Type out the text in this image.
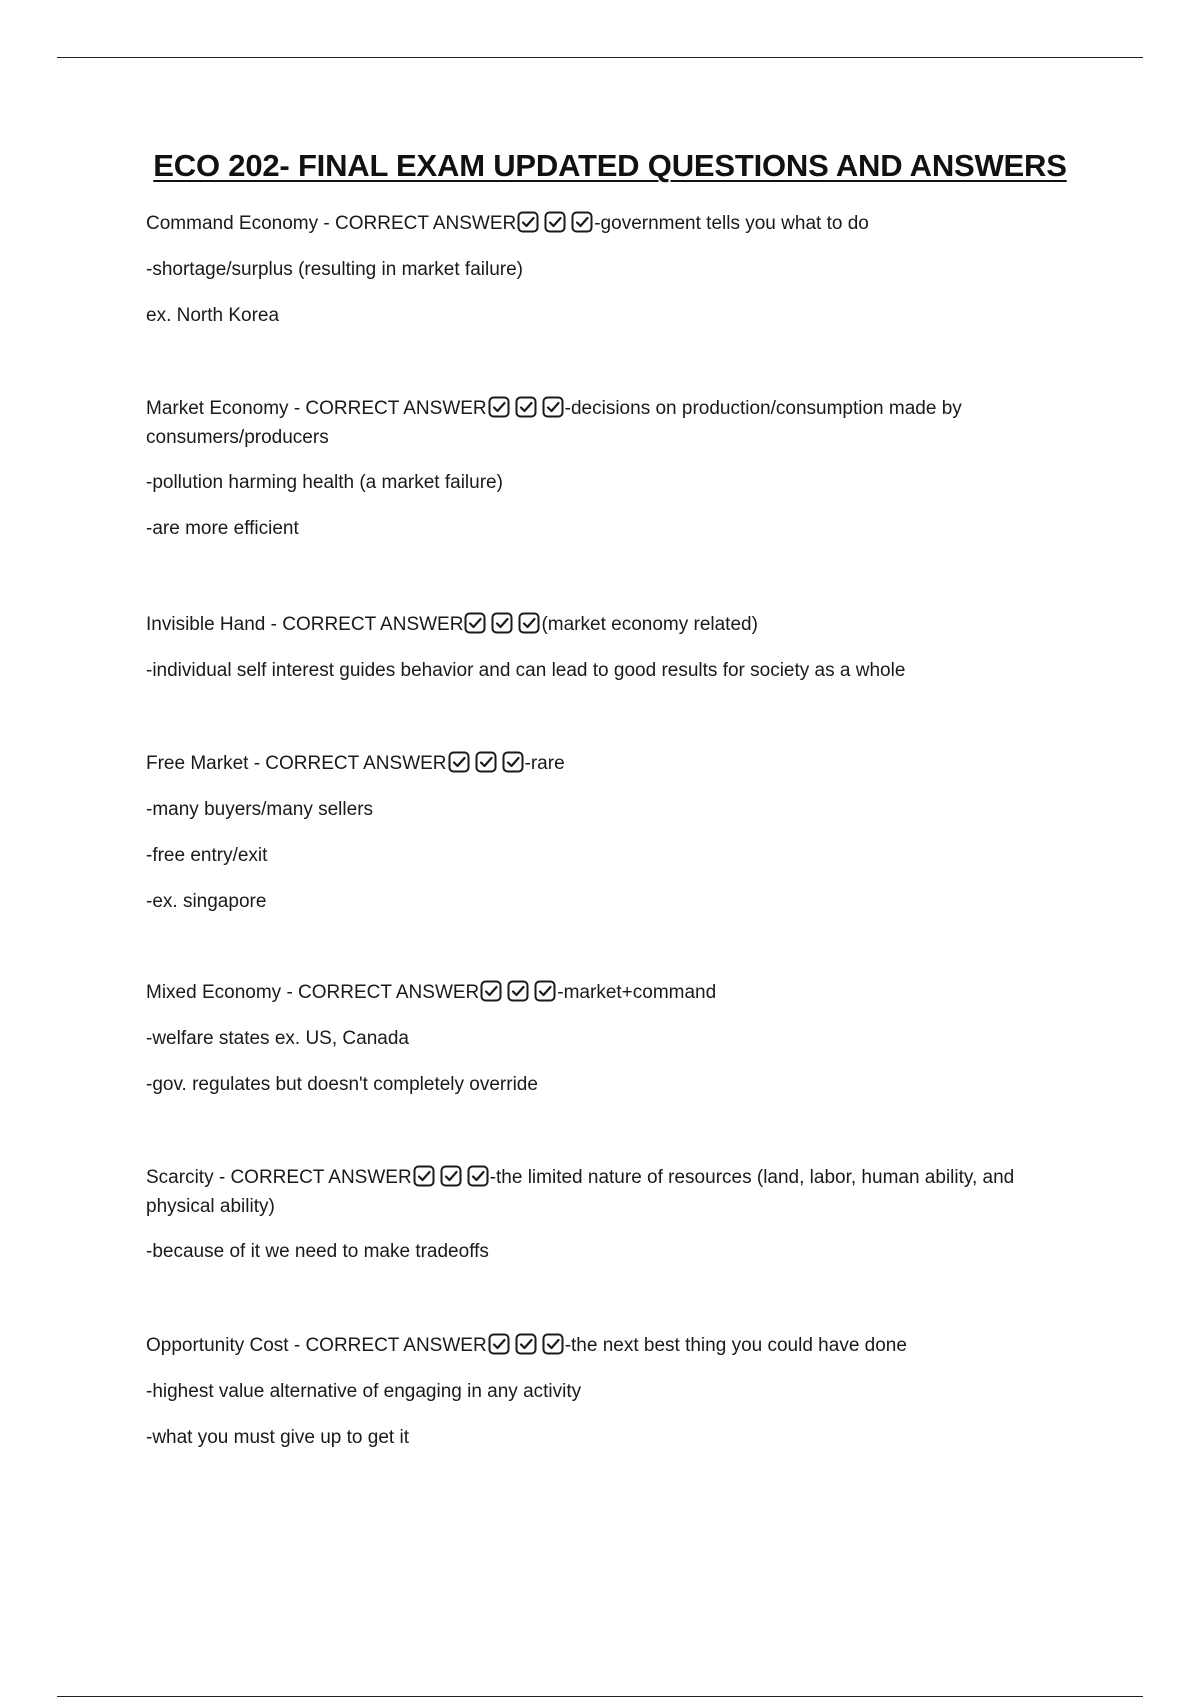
ECO 202- FINAL EXAM UPDATED QUESTIONS AND ANSWERS

Command Economy - CORRECT ANSWER	-government tells you what to do

-shortage/surplus (resulting in market failure)

ex. North Korea

Market Economy - CORRECT ANSWER	-decisions on production/consumption made by consumers/producers

-pollution harming health (a market failure)

-are more efficient

Invisible Hand - CORRECT ANSWER	(market economy related)

-individual self interest guides behavior and can lead to good results for society as a whole

Free Market - CORRECT ANSWER	-rare

-many buyers/many sellers

-free entry/exit

-ex. singapore

Mixed Economy - CORRECT ANSWER	-market+command

-welfare states ex. US, Canada

-gov. regulates but doesn't completely override

Scarcity - CORRECT ANSWER	-the limited nature of resources (land, labor, human ability, and physical ability)

-because of it we need to make tradeoffs

Opportunity Cost - CORRECT ANSWER	-the next best thing you could have done

-highest value alternative of engaging in any activity

-what you must give up to get it
